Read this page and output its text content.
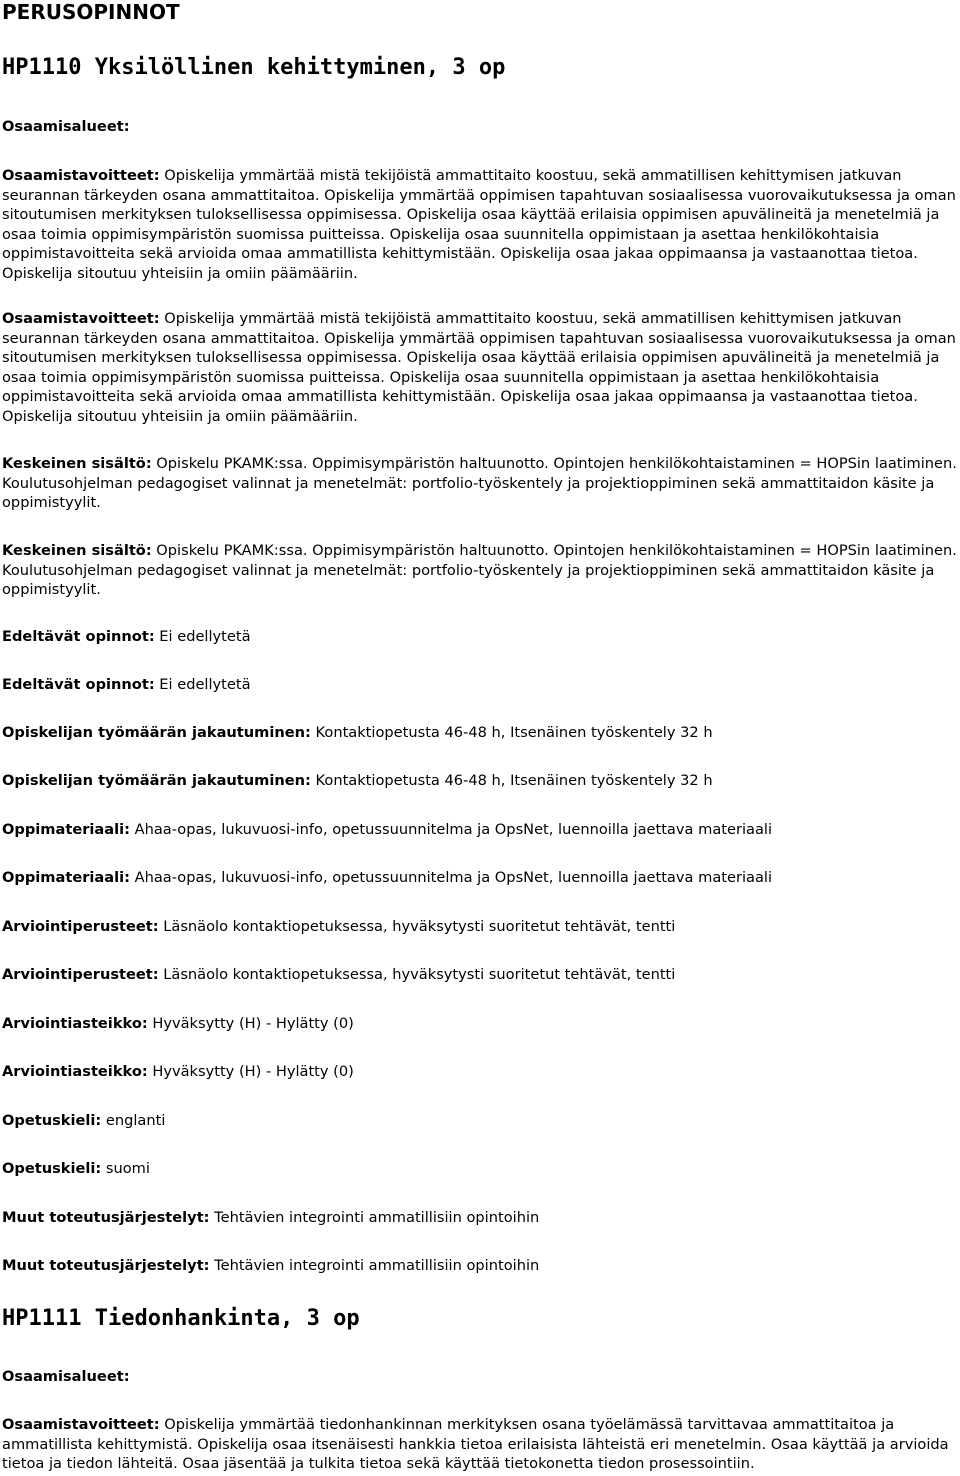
PERUSOPINNOT
HP1110 Yksilöllinen kehittyminen, 3 op
Osaamisalueet:
Osaamistavoitteet: Opiskelija ymmärtää mistä tekijöistä ammattitaito koostuu, sekä ammatillisen kehittymisen jatkuvan seurannan tärkeyden osana ammattitaitoa. Opiskelija ymmärtää oppimisen tapahtuvan sosiaalisessa vuorovaikutuksessa ja oman sitoutumisen merkityksen tuloksellisessa oppimisessa. Opiskelija osaa käyttää erilaisia oppimisen apuvälineitä ja menetelmiä ja osaa toimia oppimisympäristön suomissa puitteissa. Opiskelija osaa suunnitella oppimistaan ja asettaa henkilökohtaisia oppimistavoitteita sekä arvioida omaa ammatillista kehittymistään. Opiskelija osaa jakaa oppimaansa ja vastaanottaa tietoa. Opiskelija sitoutuu yhteisiin ja omiin päämääriin.
Osaamistavoitteet: Opiskelija ymmärtää mistä tekijöistä ammattitaito koostuu, sekä ammatillisen kehittymisen jatkuvan seurannan tärkeyden osana ammattitaitoa. Opiskelija ymmärtää oppimisen tapahtuvan sosiaalisessa vuorovaikutuksessa ja oman sitoutumisen merkityksen tuloksellisessa oppimisessa. Opiskelija osaa käyttää erilaisia oppimisen apuvälineitä ja menetelmiä ja osaa toimia oppimisympäristön suomissa puitteissa. Opiskelija osaa suunnitella oppimistaan ja asettaa henkilökohtaisia oppimistavoitteita sekä arvioida omaa ammatillista kehittymistään. Opiskelija osaa jakaa oppimaansa ja vastaanottaa tietoa. Opiskelija sitoutuu yhteisiin ja omiin päämääriin.
Keskeinen sisältö: Opiskelu PKAMK:ssa. Oppimisympäristön haltuunotto. Opintojen henkilökohtaistaminen = HOPSin laatiminen. Koulutusohjelman pedagogiset valinnat ja menetelmät: portfolio-työskentely ja projektioppiminen sekä ammattitaidon käsite ja oppimistyylit.
Keskeinen sisältö: Opiskelu PKAMK:ssa. Oppimisympäristön haltuunotto. Opintojen henkilökohtaistaminen = HOPSin laatiminen. Koulutusohjelman pedagogiset valinnat ja menetelmät: portfolio-työskentely ja projektioppiminen sekä ammattitaidon käsite ja oppimistyylit.
Edeltävät opinnot: Ei edellytetä
Edeltävät opinnot: Ei edellytetä
Opiskelijan työmäärän jakautuminen: Kontaktiopetusta 46-48 h, Itsenäinen työskentely 32 h
Opiskelijan työmäärän jakautuminen: Kontaktiopetusta 46-48 h, Itsenäinen työskentely 32 h
Oppimateriaali: Ahaa-opas, lukuvuosi-info, opetussuunnitelma ja OpsNet, luennoilla jaettava materiaali
Oppimateriaali: Ahaa-opas, lukuvuosi-info, opetussuunnitelma ja OpsNet, luennoilla jaettava materiaali
Arviointiperusteet: Läsnäolo kontaktiopetuksessa, hyväksytysti suoritetut tehtävät, tentti
Arviointiperusteet: Läsnäolo kontaktiopetuksessa, hyväksytysti suoritetut tehtävät, tentti
Arviointiasteikko: Hyväksytty (H) - Hylätty (0)
Arviointiasteikko: Hyväksytty (H) - Hylätty (0)
Opetuskieli: englanti
Opetuskieli: suomi
Muut toteutusjärjestelyt: Tehtävien integrointi ammatillisiin opintoihin
Muut toteutusjärjestelyt: Tehtävien integrointi ammatillisiin opintoihin
HP1111 Tiedonhankinta, 3 op
Osaamisalueet:
Osaamistavoitteet: Opiskelija ymmärtää tiedonhankinnan merkityksen osana työelämässä tarvittavaa ammattitaitoa ja ammatillista kehittymistä. Opiskelija osaa itsenäisesti hankkia tietoa erilaisista lähteistä eri menetelmin. Osaa käyttää ja arvioida tietoa ja tiedon lähteitä. Osaa jäsentää ja tulkita tietoa sekä käyttää tietokonetta tiedon prosessointiin.
